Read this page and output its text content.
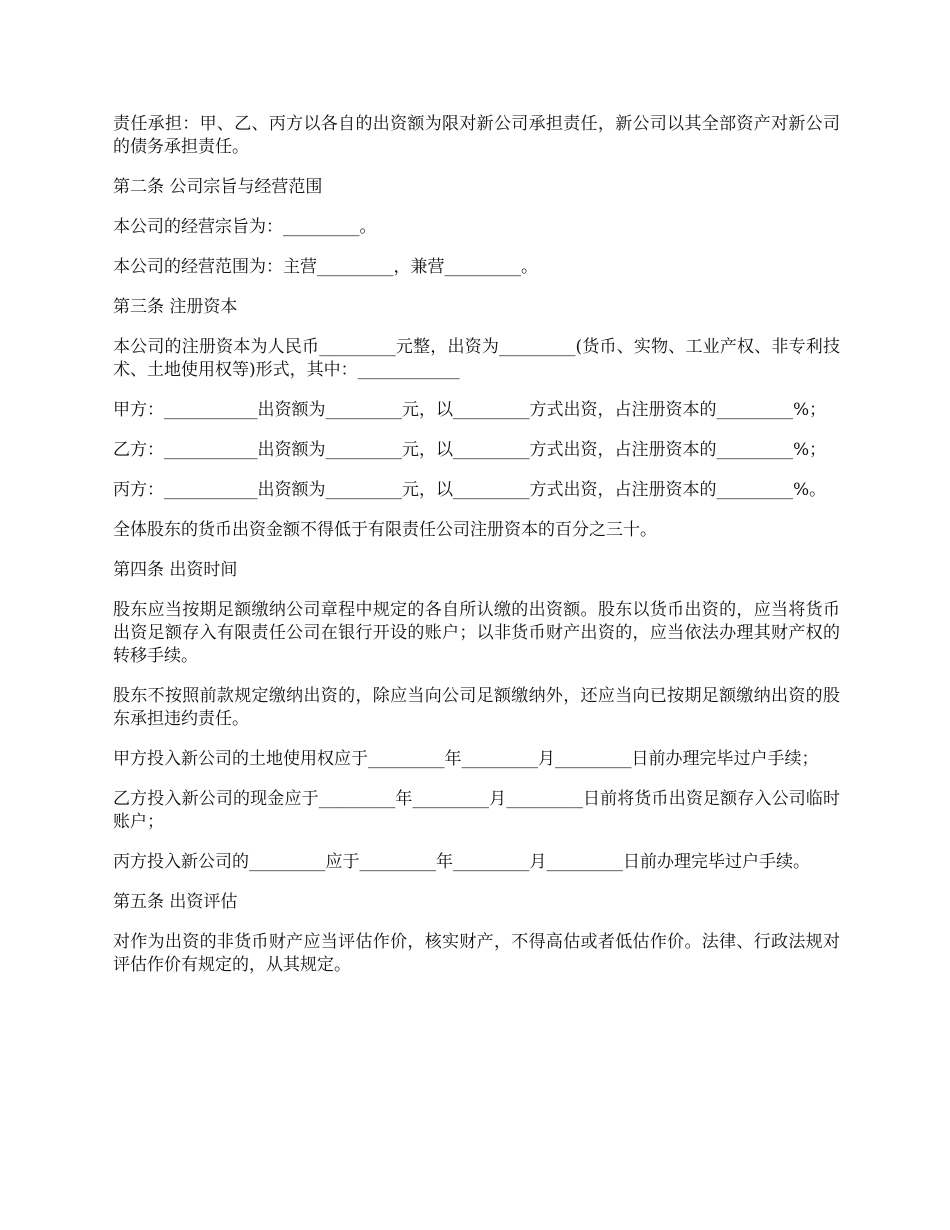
责任承担：甲、乙、丙方以各自的出资额为限对新公司承担责任，新公司以其全部资产对新公司的债务承担责任。

第二条 公司宗旨与经营范围

本公司的经营宗旨为：_________。

本公司的经营范围为：主营_________，兼营_________。

第三条 注册资本

本公司的注册资本为人民币_________元整，出资为_________(货币、实物、工业产权、非专利技术、土地使用权等)形式，其中：____________

甲方：___________出资额为_________元，以_________方式出资，占注册资本的_________%；

乙方：___________出资额为_________元，以_________方式出资，占注册资本的_________%；

丙方：___________出资额为_________元，以_________方式出资，占注册资本的_________%。

全体股东的货币出资金额不得低于有限责任公司注册资本的百分之三十。

第四条 出资时间

股东应当按期足额缴纳公司章程中规定的各自所认缴的出资额。股东以货币出资的，应当将货币出资足额存入有限责任公司在银行开设的账户；以非货币财产出资的，应当依法办理其财产权的转移手续。

股东不按照前款规定缴纳出资的，除应当向公司足额缴纳外，还应当向已按期足额缴纳出资的股东承担违约责任。

甲方投入新公司的土地使用权应于_________年_________月_________日前办理完毕过户手续；

乙方投入新公司的现金应于_________年_________月_________日前将货币出资足额存入公司临时账户；

丙方投入新公司的_________应于_________年_________月_________日前办理完毕过户手续。

第五条 出资评估

对作为出资的非货币财产应当评估作价，核实财产，不得高估或者低估作价。法律、行政法规对评估作价有规定的，从其规定。
